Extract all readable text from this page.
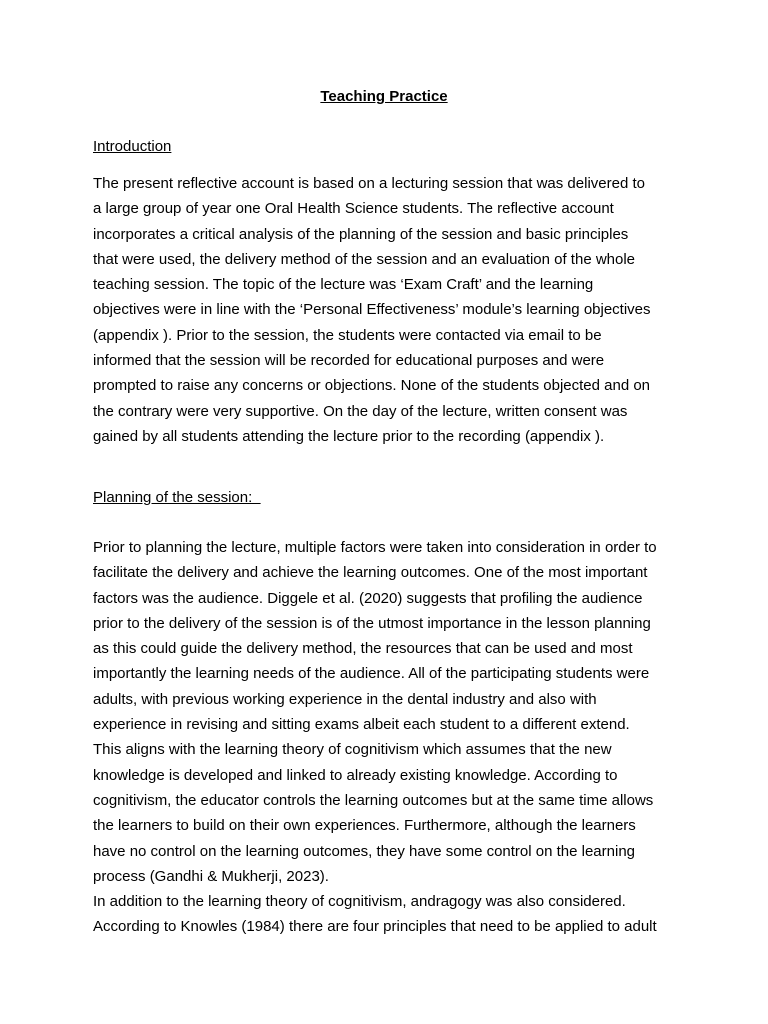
Teaching Practice
Introduction

The present reflective account is based on a lecturing session that was delivered to
a large group of year one Oral Health Science students. The reflective account
incorporates a critical analysis of the planning of the session and basic principles
that were used, the delivery method of the session and an evaluation of the whole
teaching session. The topic of the lecture was ‘Exam Craft’ and the learning
objectives were in line with the ‘Personal Effectiveness’ module’s learning objectives
(appendix ). Prior to the session, the students were contacted via email to be
informed that the session will be recorded for educational purposes and were
prompted to raise any concerns or objections. None of the students objected and on
the contrary were very supportive. On the day of the lecture, written consent was
gained by all students attending the lecture prior to the recording (appendix ).

Planning of the session:

Prior to planning the lecture, multiple factors were taken into consideration in order to
facilitate the delivery and achieve the learning outcomes. One of the most important
factors was the audience. Diggele et al. (2020) suggests that profiling the audience
prior to the delivery of the session is of the utmost importance in the lesson planning
as this could guide the delivery method, the resources that can be used and most
importantly the learning needs of the audience. All of the participating students were
adults, with previous working experience in the dental industry and also with
experience in revising and sitting exams albeit each student to a different extend.
This aligns with the learning theory of cognitivism which assumes that the new
knowledge is developed and linked to already existing knowledge. According to
cognitivism, the educator controls the learning outcomes but at the same time allows
the learners to build on their own experiences. Furthermore, although the learners
have no control on the learning outcomes, they have some control on the learning
process (Gandhi & Mukherji, 2023).
In addition to the learning theory of cognitivism, andragogy was also considered.
According to Knowles (1984) there are four principles that need to be applied to adult
